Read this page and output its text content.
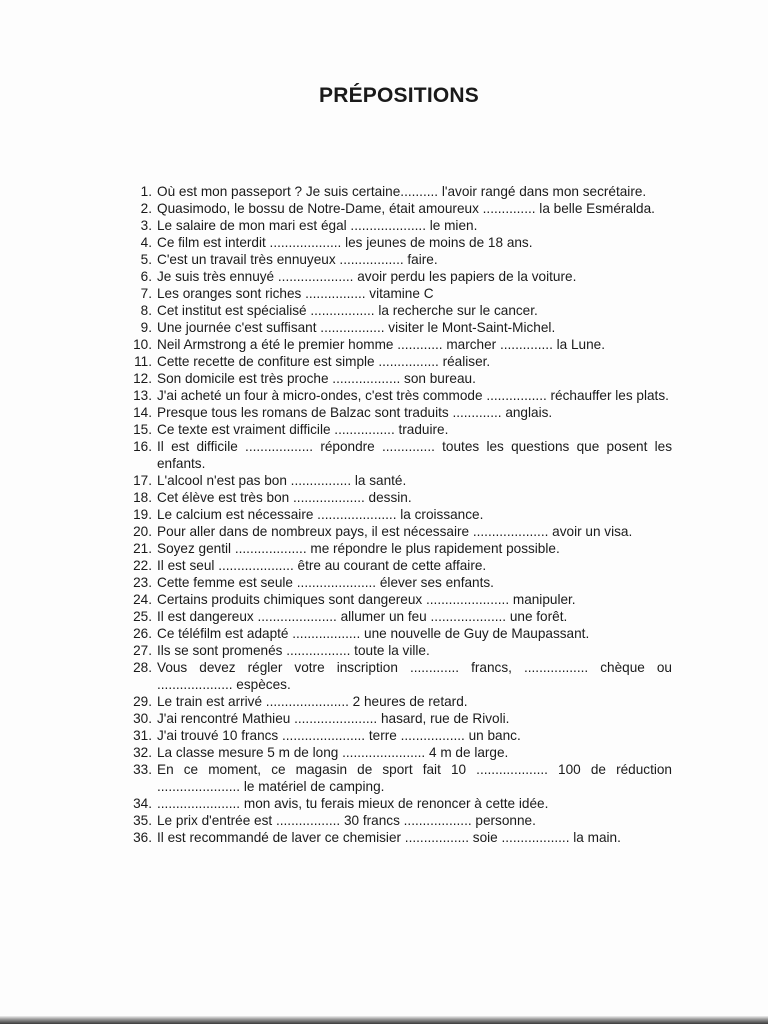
PRÉPOSITIONS
1. Où est mon passeport ? Je suis certaine.......... l'avoir rangé dans mon secrétaire.
2. Quasimodo, le bossu de Notre-Dame, était amoureux .............. la belle Esméralda.
3. Le salaire de mon mari est égal .................... le mien.
4. Ce film est interdit ................... les jeunes de moins de 18 ans.
5. C'est un travail très ennuyeux ................. faire.
6. Je suis très ennuyé .................... avoir perdu les papiers de la voiture.
7. Les oranges sont riches ................ vitamine C
8. Cet institut est spécialisé ................. la recherche sur le cancer.
9. Une journée c'est suffisant ................. visiter le Mont-Saint-Michel.
10. Neil Armstrong a été le premier homme ............ marcher .............. la Lune.
11. Cette recette de confiture est simple ................ réaliser.
12. Son domicile est très proche .................. son bureau.
13. J'ai acheté un four à micro-ondes, c'est très commode ................ réchauffer les plats.
14. Presque tous les romans de Balzac sont traduits ............. anglais.
15. Ce texte est vraiment difficile ................ traduire.
16. Il est difficile .................. répondre .............. toutes les questions que posent les enfants.
17. L'alcool n'est pas bon ................ la santé.
18. Cet élève est très bon ................... dessin.
19. Le calcium est nécessaire ..................... la croissance.
20. Pour aller dans de nombreux pays, il est nécessaire .................... avoir un visa.
21. Soyez gentil ................... me répondre le plus rapidement possible.
22. Il est seul .................... être au courant de cette affaire.
23. Cette femme est seule ..................... élever ses enfants.
24. Certains produits chimiques sont dangereux ...................... manipuler.
25. Il est dangereux ..................... allumer un feu .................... une forêt.
26. Ce téléfilm est adapté .................. une nouvelle de Guy de Maupassant.
27. Ils se sont promenés ................. toute la ville.
28. Vous devez régler votre inscription ............. francs, ................. chèque ou .................... espèces.
29. Le train est arrivé ...................... 2 heures de retard.
30. J'ai rencontré Mathieu ...................... hasard, rue de Rivoli.
31. J'ai trouvé 10 francs ...................... terre ................. un banc.
32. La classe mesure 5 m de long ...................... 4 m de large.
33. En ce moment, ce magasin de sport fait 10 ................... 100 de réduction ...................... le matériel de camping.
34. ...................... mon avis, tu ferais mieux de renoncer à cette idée.
35. Le prix d'entrée est ................. 30 francs .................. personne.
36. Il est recommandé de laver ce chemisier ................. soie .................. la main.
